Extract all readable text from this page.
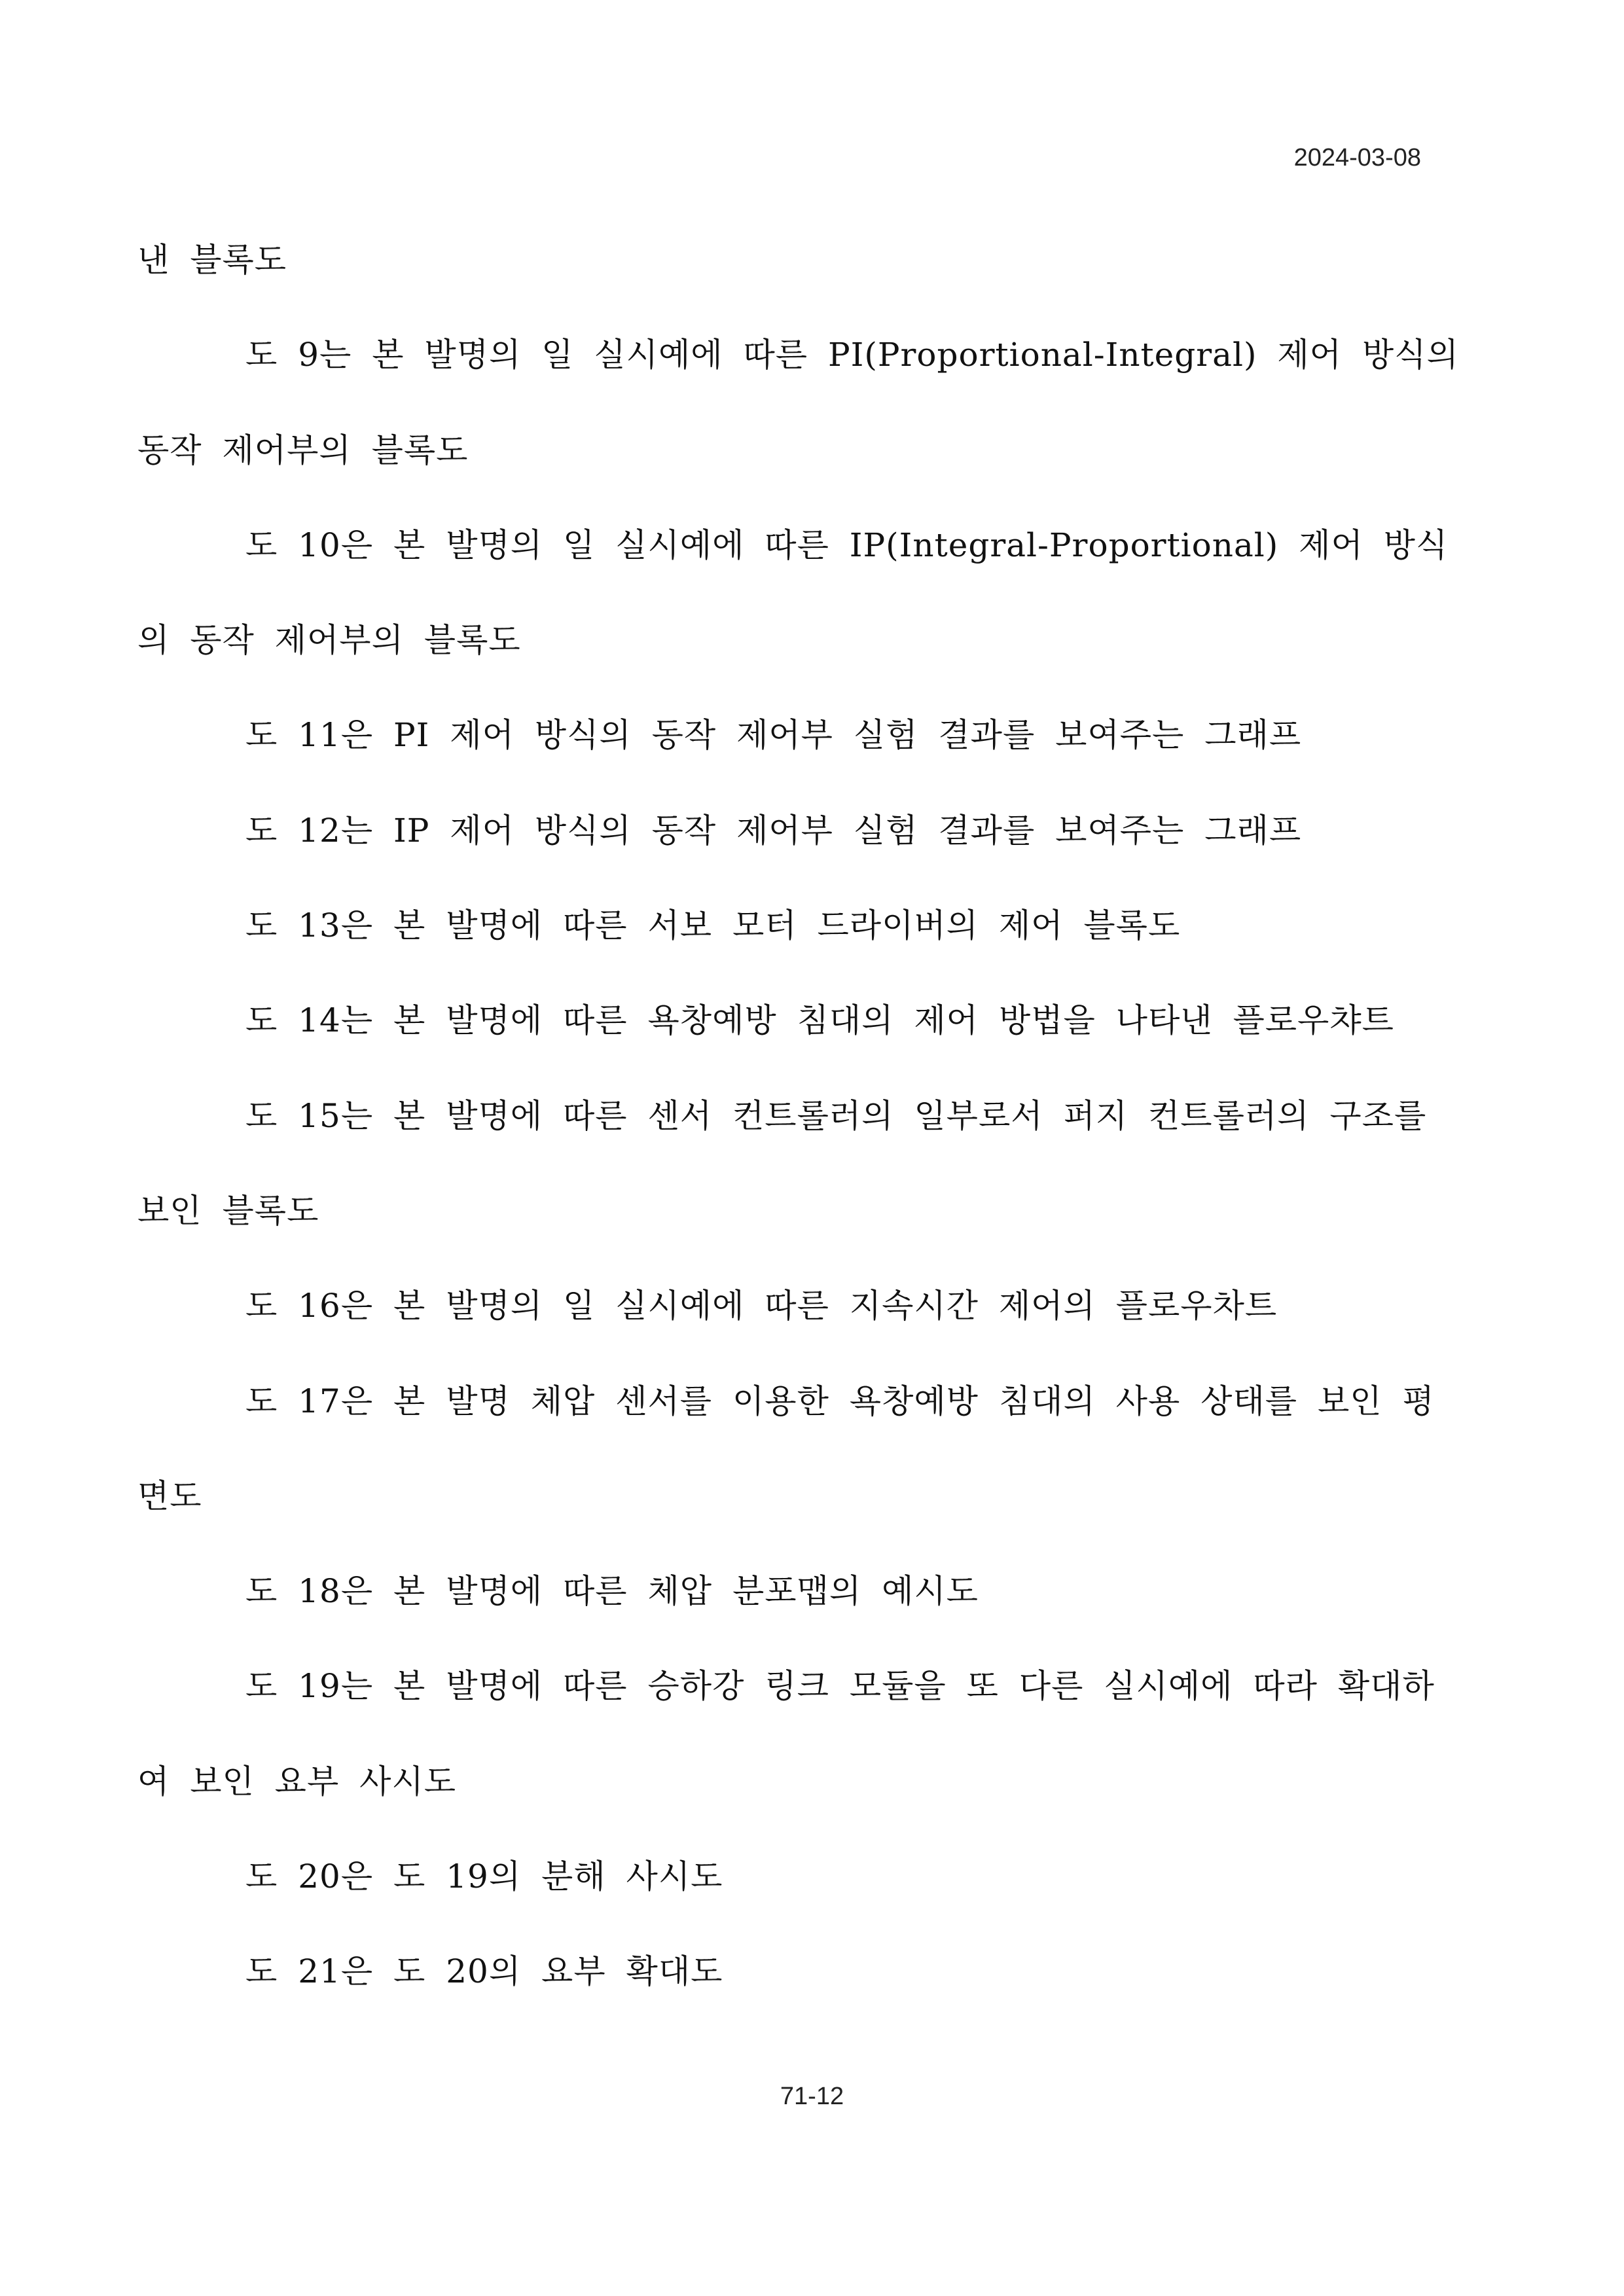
2024-03-08
낸 블록도
도 9는 본 발명의 일 실시예에 따른 PI(Proportional-Integral) 제어 방식의
동작 제어부의 블록도
도 10은 본 발명의 일 실시예에 따른 IP(Integral-Proportional) 제어 방식
의 동작 제어부의 블록도
도 11은 PI 제어 방식의 동작 제어부 실험 결과를 보여주는 그래프
도 12는 IP 제어 방식의 동작 제어부 실험 결과를 보여주는 그래프
도 13은 본 발명에 따른 서보 모터 드라이버의 제어 블록도
도 14는 본 발명에 따른 욕창예방 침대의 제어 방법을 나타낸 플로우챠트
도 15는 본 발명에 따른 센서 컨트롤러의 일부로서 퍼지 컨트롤러의 구조를
보인 블록도
도 16은 본 발명의 일 실시예에 따른 지속시간 제어의 플로우차트
도 17은 본 발명 체압 센서를 이용한 욕창예방 침대의 사용 상태를 보인 평
면도
도 18은 본 발명에 따른 체압 분포맵의 예시도
도 19는 본 발명에 따른 승하강 링크 모듈을 또 다른 실시예에 따라 확대하
여 보인 요부 사시도
도 20은 도 19의 분해 사시도
도 21은 도 20의 요부 확대도
71-12
